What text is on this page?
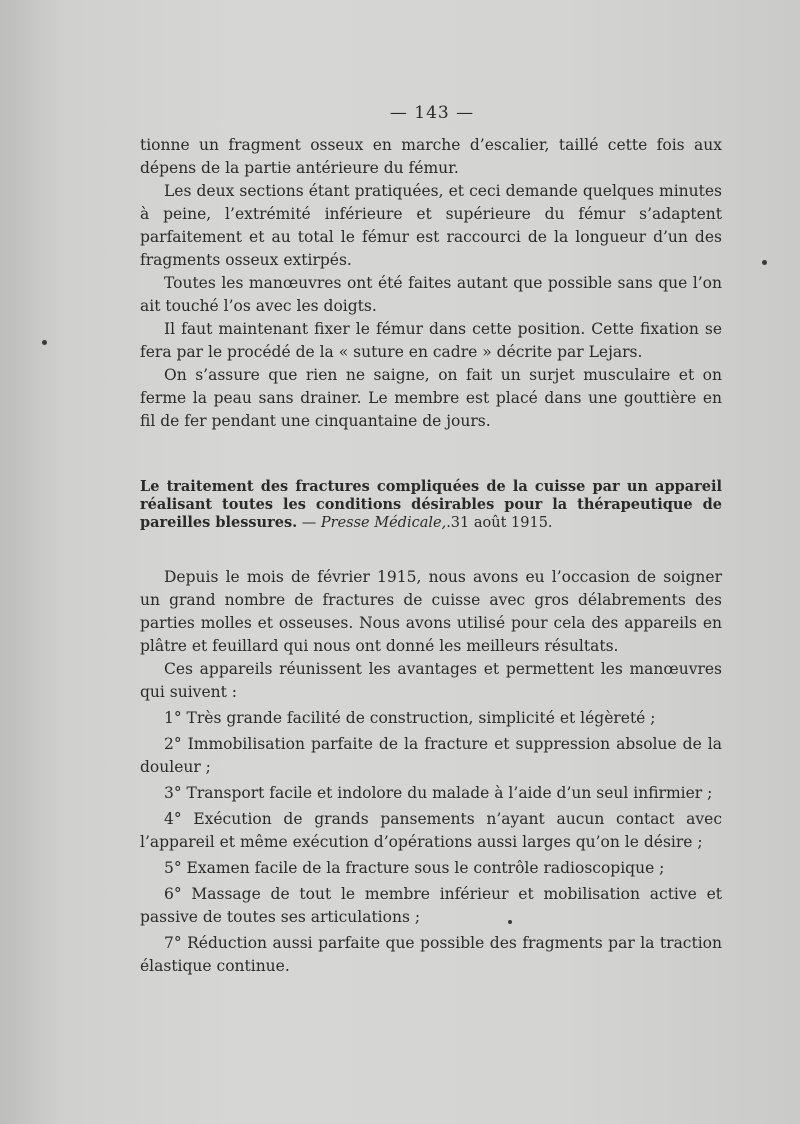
— 143 —

tionne un fragment osseux en marche d’escalier, taillé cette fois aux dépens de la partie antérieure du fémur.

Les deux sections étant pratiquées, et ceci demande quelques minutes à peine, l’extrémité inférieure et supérieure du fémur s’adaptent parfaitement et au total le fémur est raccourci de la longueur d’un des fragments osseux extirpés.

Toutes les manœuvres ont été faites autant que possible sans que l’on ait touché l’os avec les doigts.

Il faut maintenant fixer le fémur dans cette position. Cette fixation se fera par le procédé de la « suture en cadre » décrite par Lejars.

On s’assure que rien ne saigne, on fait un surjet musculaire et on ferme la peau sans drainer. Le membre est placé dans une gouttière en fil de fer pendant une cinquantaine de jours.

Le traitement des fractures compliquées de la cuisse par un appareil réalisant toutes les conditions désirables pour la thérapeutique de pareilles blessures. — Presse Médicale,.31 août 1915.

Depuis le mois de février 1915, nous avons eu l’occasion de soigner un grand nombre de fractures de cuisse avec gros délabrements des parties molles et osseuses. Nous avons utilisé pour cela des appareils en plâtre et feuillard qui nous ont donné les meilleurs résultats.

Ces appareils réunissent les avantages et permettent les manœuvres qui suivent :

1° Très grande facilité de construction, simplicité et légèreté ;

2° Immobilisation parfaite de la fracture et suppression absolue de la douleur ;

3° Transport facile et indolore du malade à l’aide d’un seul infirmier ;

4° Exécution de grands pansements n’ayant aucun contact avec l’appareil et même exécution d’opérations aussi larges qu’on le désire ;

5° Examen facile de la fracture sous le contrôle radioscopique ;

6° Massage de tout le membre inférieur et mobilisation active et passive de toutes ses articulations ;

7° Réduction aussi parfaite que possible des fragments par la traction élastique continue.
